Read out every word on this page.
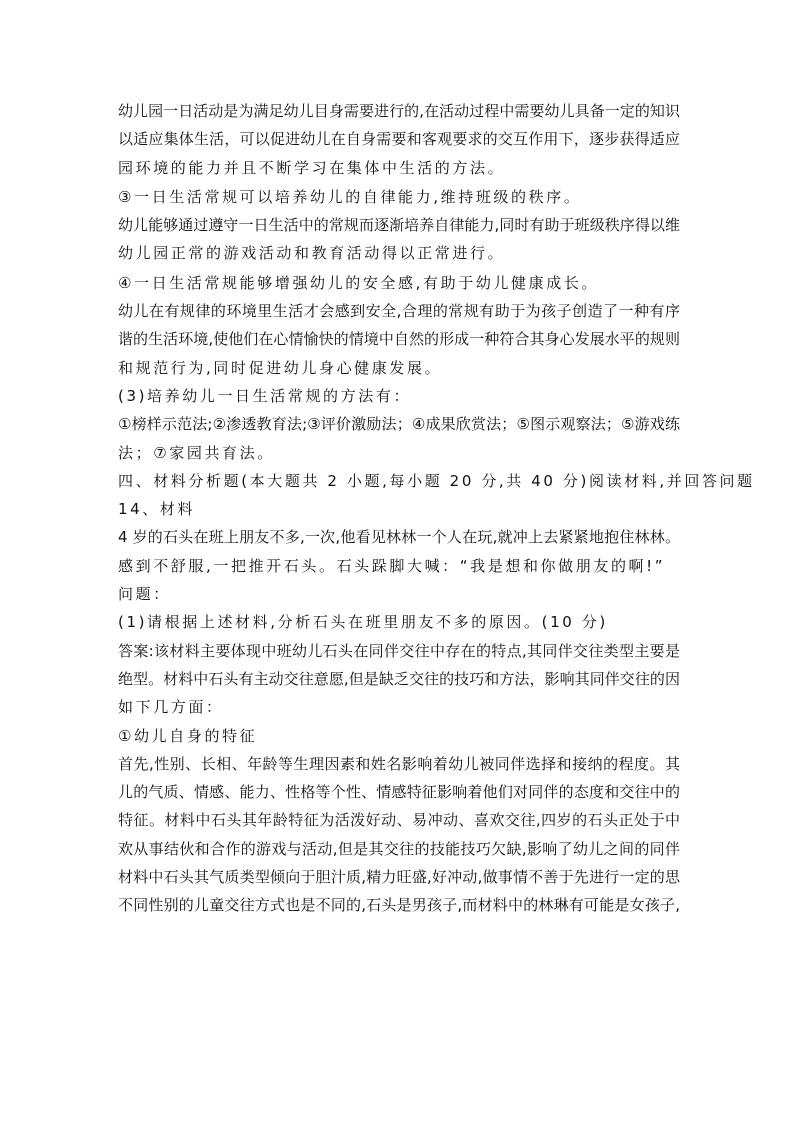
幼儿园一日活动是为满足幼儿目身需要进行的,在活动过程中需要幼儿具备一定的知识
以适应集体生活，可以促进幼儿在自身需要和客观要求的交互作用下，逐步获得适应
园环境的能力并且不断学习在集体中生活的方法。
③一日生活常规可以培养幼儿的自律能力,维持班级的秩序。
幼儿能够通过遵守一日生活中的常规而逐渐培养自律能力,同时有助于班级秩序得以维
幼儿园正常的游戏活动和教育活动得以正常进行。
④一日生活常规能够增强幼儿的安全感,有助于幼儿健康成长。
幼儿在有规律的环境里生活才会感到安全,合理的常规有助于为孩子创造了一种有序
谐的生活环境,使他们在心情愉快的情境中自然的形成一种符合其身心发展水平的规则
和规范行为,同时促进幼儿身心健康发展。
(3)培养幼儿一日生活常规的方法有：
①榜样示范法;②渗透教育法;③评价激励法；④成果欣赏法；⑤图示观察法；⑤游戏练
法；⑦家园共育法。
四、材料分析题(本大题共 2 小题,每小题 20 分,共 40 分)阅读材料,并回答问题
14、材料
4 岁的石头在班上朋友不多,一次,他看见林林一个人在玩,就冲上去紧紧地抱住林林。
感到不舒服,一把推开石头。石头跺脚大喊：“我是想和你做朋友的啊!”
问题：
(1)请根据上述材料,分析石头在班里朋友不多的原因。(10 分)
答案:该材料主要体现中班幼儿石头在同伴交往中存在的特点,其同伴交往类型主要是
绝型。材料中石头有主动交往意愿,但是缺乏交往的技巧和方法，影响其同伴交往的因
如下几方面：
①幼儿自身的特征
首先,性别、长相、年龄等生理因素和姓名影响着幼儿被同伴选择和接纳的程度。其
儿的气质、情感、能力、性格等个性、情感特征影响着他们对同伴的态度和交往中的
特征。材料中石头其年龄特征为活泼好动、易冲动、喜欢交往,四岁的石头正处于中
欢从事结伙和合作的游戏与活动,但是其交往的技能技巧欠缺,影响了幼儿之间的同伴
材料中石头其气质类型倾向于胆汁质,精力旺盛,好冲动,做事情不善于先进行一定的思
不同性别的儿童交往方式也是不同的,石头是男孩子,而材料中的林琳有可能是女孩子,
